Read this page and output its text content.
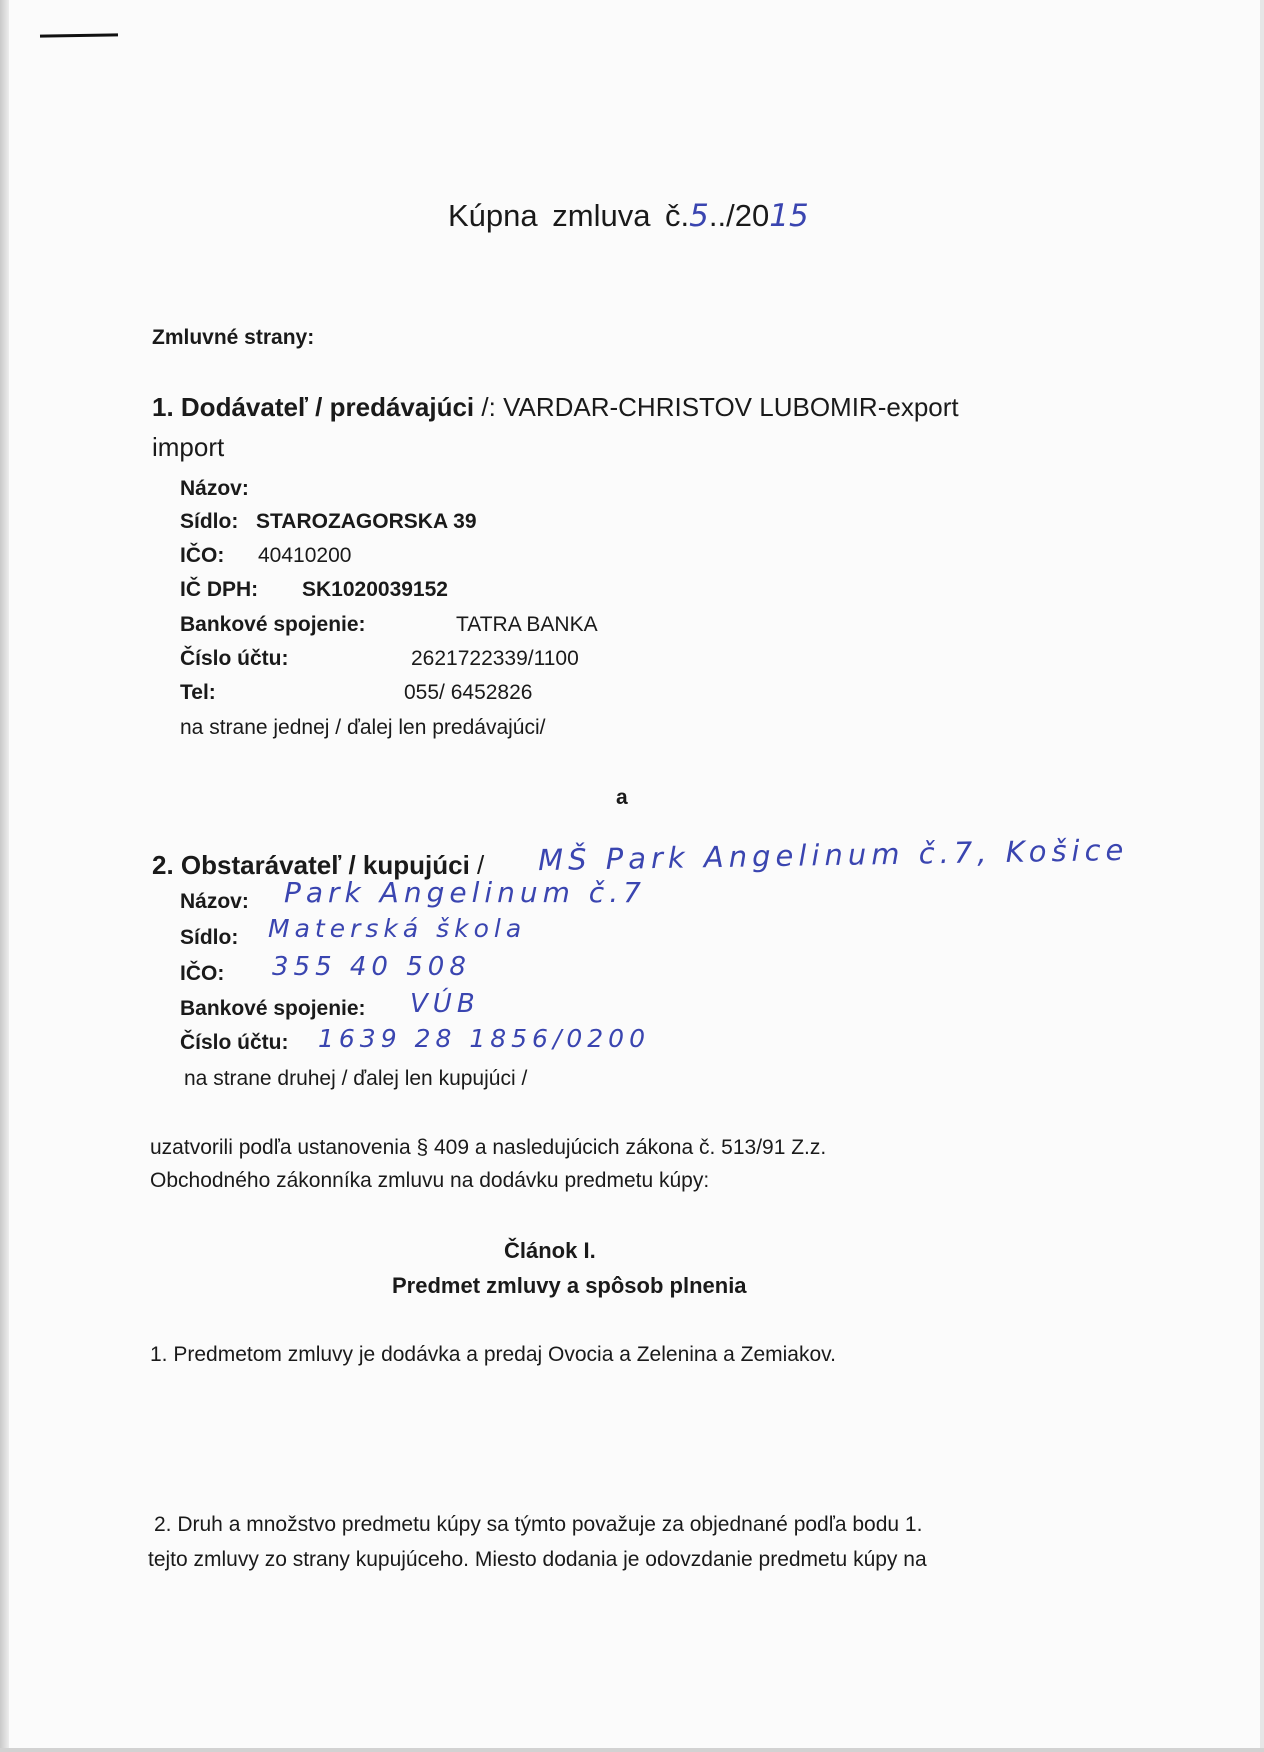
Kúpna zmluva č.5../2015
Zmluvné strany:
1. Dodávateľ / predávajúci /: VARDAR-CHRISTOV LUBOMIR-export
import
Názov:
Sídlo: STAROZAGORSKA 39
IČO: 40410200
IČ DPH: SK1020039152
Bankové spojenie:	TATRA BANKA
Číslo účtu:	2621722339/1100
Tel:	055/ 6452826
na strane jednej / ďalej len predávajúci/
a
2. Obstarávateľ / kupujúci / MŠ Park Angelinum č.7, Košice
Názov: Park Angelinum č.7
Sídlo: Materská škola
IČO: 355 40 508
Bankové spojenie: VÚB
Číslo účtu: 1639 28 1856/0200
na strane druhej / ďalej len kupujúci /
uzatvorili podľa ustanovenia § 409 a nasledujúcich zákona č. 513/91 Z.z.
Obchodného zákonníka zmluvu na dodávku predmetu kúpy:
Článok I.
Predmet zmluvy a spôsob plnenia
1. Predmetom zmluvy je dodávka a predaj Ovocia a Zelenina a Zemiakov.
2. Druh a množstvo predmetu kúpy sa týmto považuje za objednané podľa bodu 1.
tejto zmluvy zo strany kupujúceho. Miesto dodania je odovzdanie predmetu kúpy na
